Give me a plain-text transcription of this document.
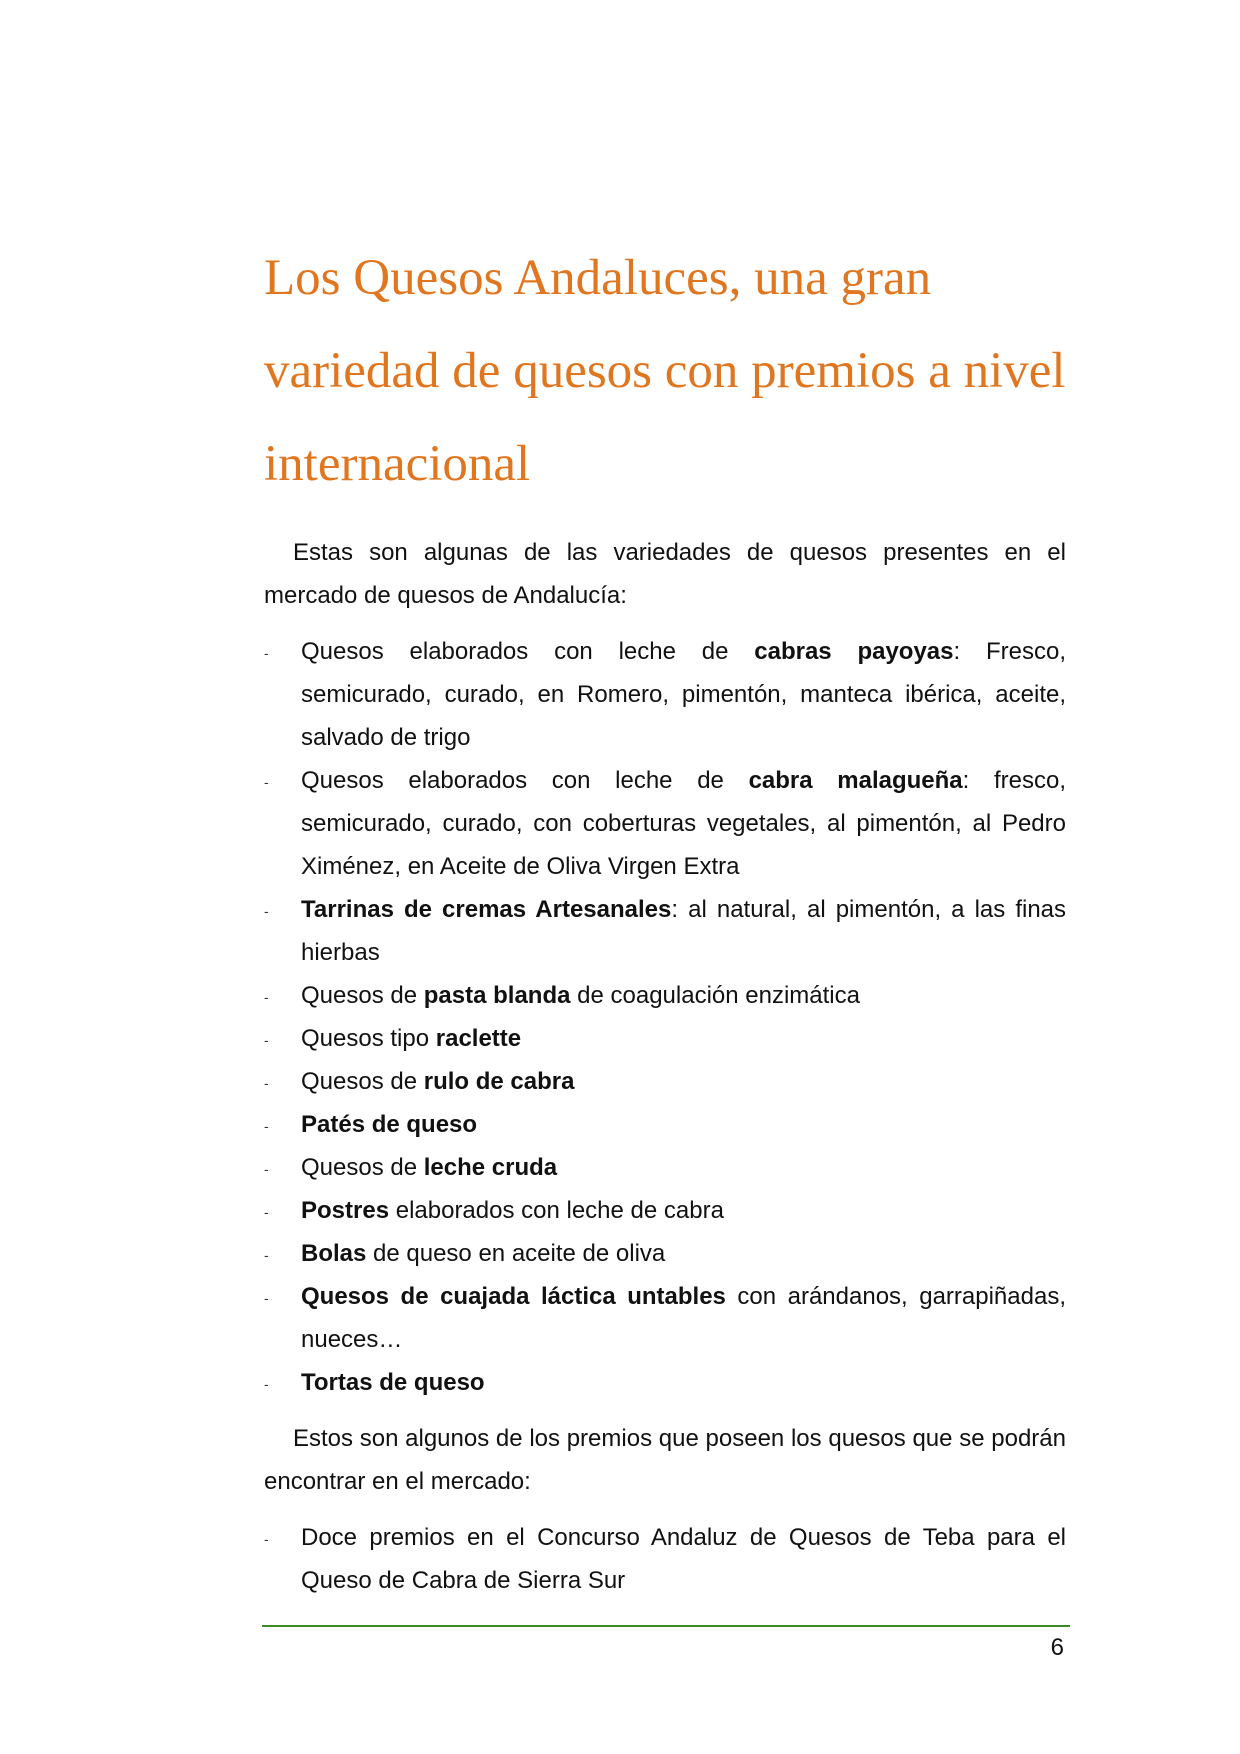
Los Quesos Andaluces, una gran variedad de quesos con premios a nivel internacional

Estas son algunas de las variedades de quesos presentes en el mercado de quesos de Andalucía:

- Quesos elaborados con leche de cabras payoyas: Fresco, semicurado, curado, en Romero, pimentón, manteca ibérica, aceite, salvado de trigo
- Quesos elaborados con leche de cabra malagueña: fresco, semicurado, curado, con coberturas vegetales, al pimentón, al Pedro Ximénez, en Aceite de Oliva Virgen Extra
- Tarrinas de cremas Artesanales: al natural, al pimentón, a las finas hierbas
- Quesos de pasta blanda de coagulación enzimática
- Quesos tipo raclette
- Quesos de rulo de cabra
- Patés de queso
- Quesos de leche cruda
- Postres elaborados con leche de cabra
- Bolas de queso en aceite de oliva
- Quesos de cuajada láctica untables con arándanos, garrapiñadas, nueces…
- Tortas de queso

Estos son algunos de los premios que poseen los quesos que se podrán encontrar en el mercado:

- Doce premios en el Concurso Andaluz de Quesos de Teba para el Queso de Cabra de Sierra Sur
6
